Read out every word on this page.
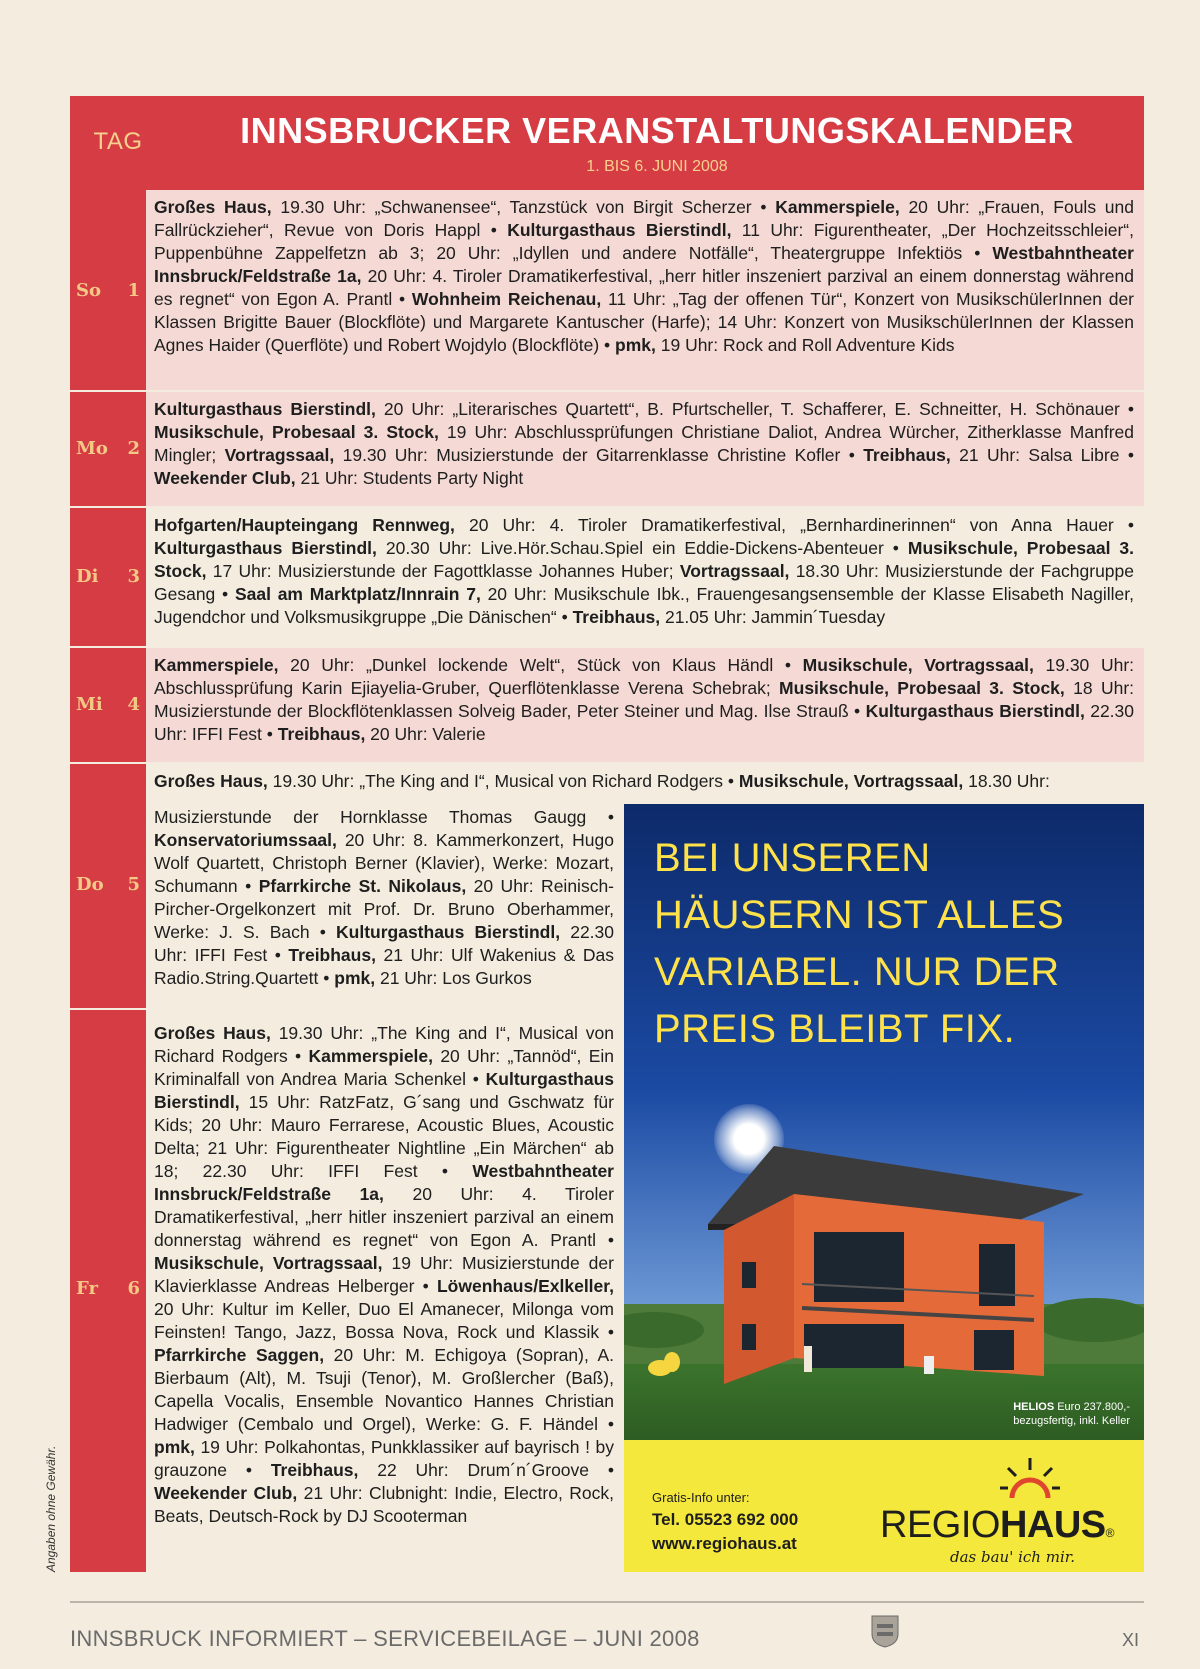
TAG	INNSBRUCKER VERANSTALTUNGSKALENDER
1. BIS 6. JUNI 2008
So 1
Mo 2
Di 3
Mi 4
Do 5
Fr 6
Großes Haus, 19.30 Uhr: „Schwanensee“, Tanzstück von Birgit Scherzer • Kammerspiele, 20 Uhr: „Frauen, Fouls und Fallrückzieher“, Revue von Doris Happl • Kulturgasthaus Bierstindl, 11 Uhr: Figurentheater, „Der Hochzeitsschleier“, Puppenbühne Zappelfetzn ab 3; 20 Uhr: „Idyllen und andere Notfälle“, Theatergruppe Infektiös • Westbahntheater Innsbruck/Feldstraße 1a, 20 Uhr: 4. Tiroler Dramatikerfestival, „herr hitler inszeniert parzival an einem donnerstag während es regnet“ von Egon A. Prantl • Wohnheim Reichenau, 11 Uhr: „Tag der offenen Tür“, Konzert von MusikschülerInnen der Klassen Brigitte Bauer (Blockflöte) und Margarete Kantuscher (Harfe); 14 Uhr: Konzert von MusikschülerInnen der Klassen Agnes Haider (Querflöte) und Robert Wojdylo (Blockflöte) • pmk, 19 Uhr: Rock and Roll Adventure Kids
Kulturgasthaus Bierstindl, 20 Uhr: „Literarisches Quartett“, B. Pfurtscheller, T. Schafferer, E. Schneitter, H. Schönauer • Musikschule, Probesaal 3. Stock, 19 Uhr: Abschlussprüfungen Christiane Daliot, Andrea Würcher, Zitherklasse Manfred Mingler; Vortragssaal, 19.30 Uhr: Musizierstunde der Gitarrenklasse Christine Kofler • Treibhaus, 21 Uhr: Salsa Libre • Weekender Club, 21 Uhr: Students Party Night
Hofgarten/Haupteingang Rennweg, 20 Uhr: 4. Tiroler Dramatikerfestival, „Bernhardinerinnen“ von Anna Hauer • Kulturgasthaus Bierstindl, 20.30 Uhr: Live.Hör.Schau.Spiel ein Eddie-Dickens-Abenteuer • Musikschule, Probesaal 3. Stock, 17 Uhr: Musizierstunde der Fagottklasse Johannes Huber; Vortragssaal, 18.30 Uhr: Musizierstunde der Fachgruppe Gesang • Saal am Marktplatz/Innrain 7, 20 Uhr: Musikschule Ibk., Frauengesangsensemble der Klasse Elisabeth Nagiller, Jugendchor und Volksmusikgruppe „Die Dänischen“ • Treibhaus, 21.05 Uhr: Jammin´Tuesday
Kammerspiele, 20 Uhr: „Dunkel lockende Welt“, Stück von Klaus Händl • Musikschule, Vortragssaal, 19.30 Uhr: Abschlussprüfung Karin Ejiayelia-Gruber, Querflötenklasse Verena Schebrak; Musikschule, Probesaal 3. Stock, 18 Uhr: Musizierstunde der Blockflötenklassen Solveig Bader, Peter Steiner und Mag. Ilse Strauß • Kulturgasthaus Bierstindl, 22.30 Uhr: IFFI Fest • Treibhaus, 20 Uhr: Valerie
Großes Haus, 19.30 Uhr: „The King and I“, Musical von Richard Rodgers • Musikschule, Vortragssaal, 18.30 Uhr:
Musizierstunde der Hornklasse Thomas Gaugg • Konservatoriumssaal, 20 Uhr: 8. Kammerkonzert, Hugo Wolf Quartett, Christoph Berner (Klavier), Werke: Mozart, Schumann • Pfarrkirche St. Nikolaus, 20 Uhr: Reinisch-Pircher-Orgelkonzert mit Prof. Dr. Bruno Oberhammer, Werke: J. S. Bach • Kulturgasthaus Bierstindl, 22.30 Uhr: IFFI Fest • Treibhaus, 21 Uhr: Ulf Wakenius & Das Radio.String.Quartett • pmk, 21 Uhr: Los Gurkos
Großes Haus, 19.30 Uhr: „The King and I“, Musical von Richard Rodgers • Kammerspiele, 20 Uhr: „Tannöd“, Ein Kriminalfall von Andrea Maria Schenkel • Kulturgasthaus Bierstindl, 15 Uhr: RatzFatz, G´sang und Gschwatz für Kids; 20 Uhr: Mauro Ferrarese, Acoustic Blues, Acoustic Delta; 21 Uhr: Figurentheater Nightline „Ein Märchen“ ab 18; 22.30 Uhr: IFFI Fest • Westbahntheater Innsbruck/Feldstraße 1a, 20 Uhr: 4. Tiroler Dramatikerfestival, „herr hitler inszeniert parzival an einem donnerstag während es regnet“ von Egon A. Prantl • Musikschule, Vortragssaal, 19 Uhr: Musizierstunde der Klavierklasse Andreas Helberger • Löwenhaus/Exlkeller, 20 Uhr: Kultur im Keller, Duo El Amanecer, Milonga vom Feinsten! Tango, Jazz, Bossa Nova, Rock und Klassik • Pfarrkirche Saggen, 20 Uhr: M. Echigoya (Sopran), A. Bierbaum (Alt), M. Tsuji (Tenor), M. Großlercher (Baß), Capella Vocalis, Ensemble Novantico Hannes Christian Hadwiger (Cembalo und Orgel), Werke: G. F. Händel • pmk, 19 Uhr: Polkahontas, Punkklassiker auf bayrisch ! by grauzone • Treibhaus, 22 Uhr: Drum´n´Groove • Weekender Club, 21 Uhr: Clubnight: Indie, Electro, Rock, Beats, Deutsch-Rock by DJ Scooterman
BEI UNSEREN
HÄUSERN IST ALLES
VARIABEL. NUR DER
PREIS BLEIBT FIX.
HELIOS Euro 237.800,-
bezugsfertig, inkl. Keller
Gratis-Info unter:
Tel. 05523 692 000
www.regiohaus.at REGIOHAUS®
das bau' ich mir.
Angaben ohne Gewähr.
INNSBRUCK INFORMIERT – SERVICEBEILAGE – JUNI 2008	XI
